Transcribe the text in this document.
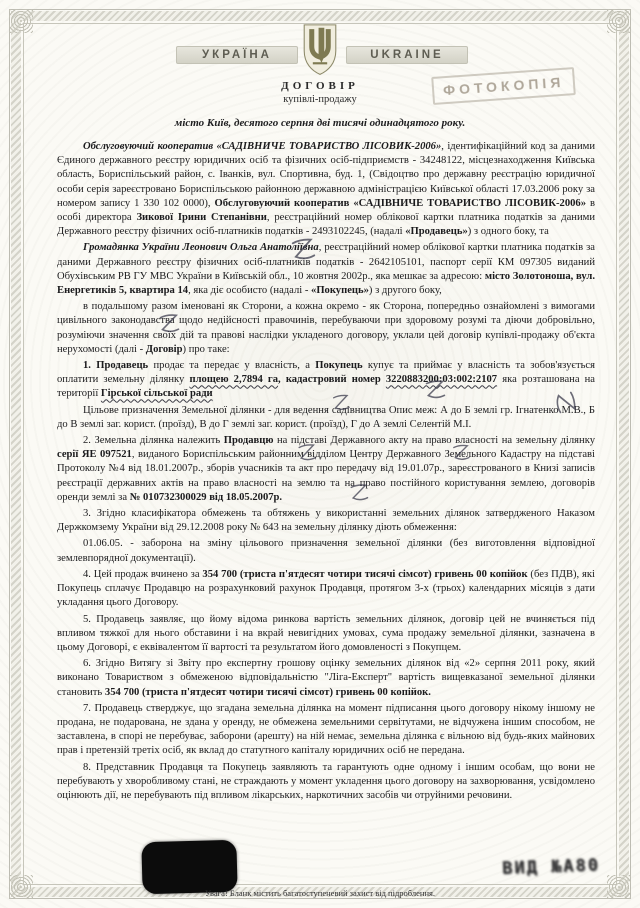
УКРАЇНА	UKRAINE
ФОТОКОПІЯ
ДОГОВІР
купівлі-продажу
місто Київ, десятого серпня дві тисячі одинадцятого року.

Обслуговуючий кооператив «САДІВНИЧЕ ТОВАРИСТВО ЛІСОВИК-2006», ідентифікаційний код за даними Єдиного державного реєстру юридичних осіб та фізичних осіб-підприємств - 34248122, місцезнаходження Київська область, Бориспільський район, с. Іванків, вул. Спортивна, буд. 1, (Свідоцтво про державну реєстрацію юридичної особи серія зареєстровано Бориспільською районною державною адміністрацією Київської області 17.03.2006 року за номером запису 1 330 102 0000), Обслуговуючий кооператив «САДІВНИЧЕ ТОВАРИСТВО ЛІСОВИК-2006» в особі директора Зикової Ірини Степанівни, реєстраційний номер облікової картки платника податків за даними Державного реєстру фізичних осіб-платників податків - 2493102245, (надалі «Продавець») з одного боку, та

Громадянка України Леонович Ольга Анатоліївна, реєстраційний номер облікової картки платника податків за даними Державного реєстру фізичних осіб-платників податків - 2642105101, паспорт серії КМ 097305 виданий Обухівським РВ ГУ МВС України в Київській обл., 10 жовтня 2002р., яка мешкає за адресою: місто Золотоноша, вул. Енергетиків 5, квартира 14, яка діє особисто (надалі - «Покупець») з другого боку,

в подальшому разом іменовані як Сторони, а кожна окремо - як Сторона, попередньо ознайомлені з вимогами цивільного законодавства щодо недійсності правочинів, перебуваючи при здоровому розумі та діючи добровільно, розуміючи значення своїх дій та правові наслідки укладеного договору, уклали цей договір купівлі-продажу об'єкта нерухомості (далі - Договір) про таке:

1. Продавець продає та передає у власність, а Покупець купує та приймає у власність та зобов'язується оплатити земельну ділянку площею 2,7894 га, кадастровий номер 3220883200:03:002:2107 яка розташована на території Гірської сільської ради

Цільове призначення Земельної ділянки - для ведення садівництва Опис меж: А до Б землі гр. Ігнатенко М.В., Б до В землі заг. корист. (проїзд), В до Г землі заг. корист. (проїзд), Г до А землі Селентій М.І.

2. Земельна ділянка належить Продавцю на підставі Державного акту на право власності на земельну ділянку серії ЯЕ 097521, виданого Бориспільським районним відділом Центру Державного Земельного Кадастру на підставі Протоколу №4 від 18.01.2007р., зборів учасників та акт про передачу від 19.01.07р., зареєстрованого в Книзі записів реєстрації державних актів на право власності на землю та на право постійного користування землею, договорів оренди землі за № 010732300029 від 18.05.2007р.

3. Згідно класифікатора обмежень та обтяжень у використанні земельних ділянок затвердженого Наказом Держкомзему України від 29.12.2008 року № 643 на земельну ділянку діють обмеження:

01.06.05. - заборона на зміну цільового призначення земельної ділянки (без виготовлення відповідної землевпорядної документації).

4. Цей продаж вчинено за 354 700 (триста п'ятдесят чотири тисячі сімсот) гривень 00 копійок (без ПДВ), які Покупець сплачує Продавцю на розрахунковий рахунок Продавця, протягом 3-х (трьох) календарних місяців з дати укладання цього Договору.

5. Продавець заявляє, що йому відома ринкова вартість земельних ділянок, договір цей не вчиняється під впливом тяжкої для нього обставини і на вкрай невигідних умовах, сума продажу земельної ділянки, зазначена в цьому Договорі, є еквівалентом її вартості та результатом його домовленості з Покупцем.

6. Згідно Витягу зі Звіту про експертну грошову оцінку земельних ділянок від «2» серпня 2011 року, який виконано Товариством з обмеженою відповідальністю "Ліга-Експерт" вартість вищевказаної земельної ділянки становить 354 700 (триста п'ятдесят чотири тисячі сімсот) гривень 00 копійок.

7. Продавець стверджує, що згадана земельна ділянка на момент підписання цього договору нікому іншому не продана, не подарована, не здана у оренду, не обмежена земельними сервітутами, не відчужена іншим способом, не заставлена, в спорі не перебуває, заборони (арешту) на ній немає, земельна ділянка є вільною від будь-яких майнових прав і претензій третіх осіб, як вклад до статутного капіталу юридичних осіб не передана.

8. Представник Продавця та Покупець заявляють та гарантують одне одному і іншим особам, що вони не перебувають у хворобливому стані, не страждають у момент укладення цього договору на захворювання, усвідомлено оцінюють дії, не перебувають під впливом лікарських, наркотичних засобів чи отруйними речовини.

ВИД №А80
Увага! Бланк містить багатоступеневий захист від підроблення.
